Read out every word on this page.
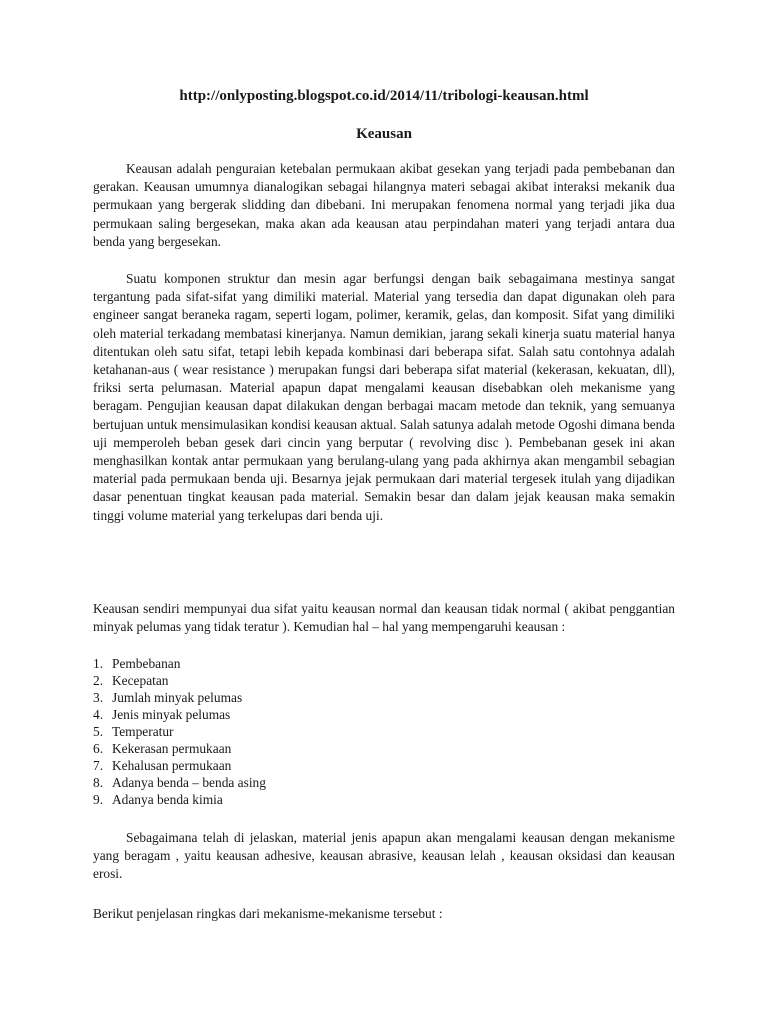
http://onlyposting.blogspot.co.id/2014/11/tribologi-keausan.html
Keausan

Keausan adalah penguraian ketebalan permukaan akibat gesekan yang terjadi pada pembebanan dan gerakan. Keausan umumnya dianalogikan sebagai hilangnya materi sebagai akibat interaksi mekanik dua permukaan yang bergerak slidding dan dibebani. Ini merupakan fenomena normal yang terjadi jika dua permukaan saling bergesekan, maka akan ada keausan atau perpindahan materi yang terjadi antara dua benda yang bergesekan.

Suatu komponen struktur dan mesin agar berfungsi dengan baik sebagaimana mestinya sangat tergantung pada sifat-sifat yang dimiliki material. Material yang tersedia dan dapat digunakan oleh para engineer sangat beraneka ragam, seperti logam, polimer, keramik, gelas, dan komposit. Sifat yang dimiliki oleh material terkadang membatasi kinerjanya. Namun demikian, jarang sekali kinerja suatu material hanya ditentukan oleh satu sifat, tetapi lebih kepada kombinasi dari beberapa sifat. Salah satu contohnya adalah ketahanan-aus ( wear resistance ) merupakan fungsi dari beberapa sifat material (kekerasan, kekuatan, dll), friksi serta pelumasan. Material apapun dapat mengalami keausan disebabkan oleh mekanisme yang beragam. Pengujian keausan dapat dilakukan dengan berbagai macam metode dan teknik, yang semuanya bertujuan untuk mensimulasikan kondisi keausan aktual. Salah satunya adalah metode Ogoshi dimana benda uji memperoleh beban gesek dari cincin yang berputar ( revolving disc ). Pembebanan gesek ini akan menghasilkan kontak antar permukaan yang berulang-ulang yang pada akhirnya akan mengambil sebagian material pada permukaan benda uji. Besarnya jejak permukaan dari material tergesek itulah yang dijadikan dasar penentuan tingkat keausan pada material. Semakin besar dan dalam jejak keausan maka semakin tinggi volume material yang terkelupas dari benda uji.

Keausan sendiri mempunyai dua sifat yaitu keausan normal dan keausan tidak normal ( akibat penggantian minyak pelumas yang tidak teratur ). Kemudian hal – hal yang mempengaruhi keausan :

1. Pembebanan
2. Kecepatan
3. Jumlah minyak pelumas
4. Jenis minyak pelumas
5. Temperatur
6. Kekerasan permukaan
7. Kehalusan permukaan
8. Adanya benda – benda asing
9. Adanya benda kimia

Sebagaimana telah di jelaskan, material jenis apapun akan mengalami keausan dengan mekanisme yang beragam , yaitu keausan adhesive, keausan abrasive, keausan lelah , keausan oksidasi dan keausan erosi.

Berikut penjelasan ringkas dari mekanisme-mekanisme tersebut :
